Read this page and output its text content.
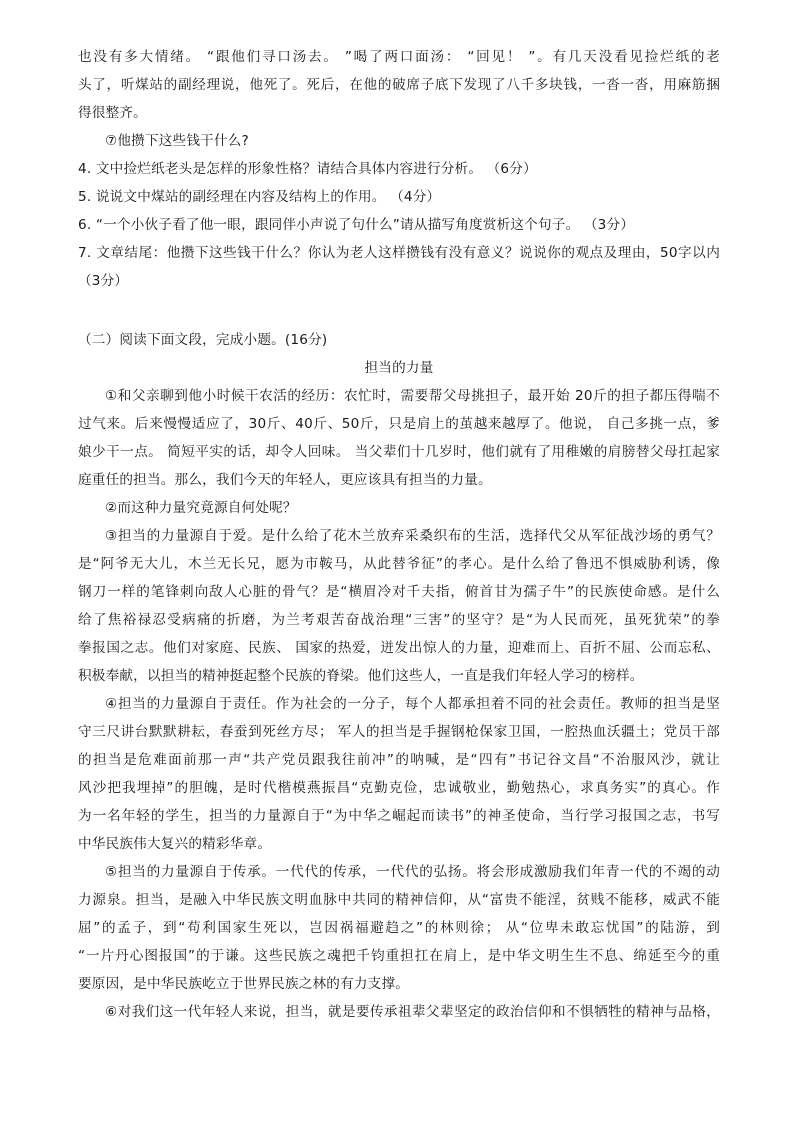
也没有多大情绪。 “跟他们寻口汤去。 ”喝了两口面汤： “回见！ ”。有几天没看见捡烂纸的老
头了，听煤站的副经理说，他死了。死后，在他的破席子底下发现了八千多块钱，一沓一沓，用麻筋捆
得很整齐。
⑦他攒下这些钱干什么?
4. 文中捡烂纸老头是怎样的形象性格？请结合具体内容进行分析。 （6分）
5. 说说文中煤站的副经理在内容及结构上的作用。 （4分）
6. “一个小伙子看了他一眼，跟同伴小声说了句什么”请从描写角度赏析这个句子。 （3分）
7. 文章结尾：他攒下这些钱干什么？你认为老人这样攒钱有没有意义？说说你的观点及理由，50字以内
（3分）
（二）阅读下面文段，完成小题。(16分)
担当的力量
①和父亲聊到他小时候干农活的经历：农忙时，需要帮父母挑担子，最开始 20斤的担子都压得喘不
过气来。后来慢慢适应了，30斤、40斤、50斤，只是肩上的茧越来越厚了。他说， 自己多挑一点，爹
娘少干一点。 简短平实的话，却令人回味。 当父辈们十几岁时，他们就有了用稚嫩的肩膀替父母扛起家
庭重任的担当。那么，我们今天的年轻人，更应该具有担当的力量。
②而这种力量究竟源自何处呢？
③担当的力量源自于爱。是什么给了花木兰放弃采桑织布的生活，选择代父从军征战沙场的勇气？
是“阿爷无大儿，木兰无长兄，愿为市鞍马，从此替爷征”的孝心。是什么给了鲁迅不惧威胁利诱，像
钢刀一样的笔锋刺向敌人心脏的骨气？是“横眉冷对千夫指，俯首甘为孺子牛”的民族使命感。是什么
给了焦裕禄忍受病痛的折磨，为兰考艰苦奋战治理“三害”的坚守？是“为人民而死，虽死犹荣”的拳
拳报国之志。他们对家庭、民族、 国家的热爱，迸发出惊人的力量，迎难而上、百折不屈、公而忘私、
积极奉献，以担当的精神挺起整个民族的脊梁。他们这些人，一直是我们年轻人学习的榜样。
④担当的力量源自于责任。作为社会的一分子，每个人都承担着不同的社会责任。教师的担当是坚
守三尺讲台默默耕耘，春蚕到死丝方尽； 军人的担当是手握钢枪保家卫国，一腔热血沃疆土；党员干部
的担当是危难面前那一声“共产党员跟我往前冲”的呐喊，是“四有”书记谷文昌“不治服风沙，就让
风沙把我埋掉”的胆魄，是时代楷模燕振昌“克勤克俭，忠诚敬业，勤勉热心，求真务实”的真心。作
为一名年轻的学生，担当的力量源自于“为中华之崛起而读书”的神圣使命，当行学习报国之志，书写
中华民族伟大复兴的精彩华章。
⑤担当的力量源自于传承。一代代的传承，一代代的弘扬。将会形成激励我们年青一代的不竭的动
力源泉。担当，是融入中华民族文明血脉中共同的精神信仰，从“富贵不能淫，贫贱不能移，威武不能
屈”的孟子，到“苟利国家生死以，岂因祸福避趋之”的林则徐； 从“位卑未敢忘忧国”的陆游，到
“一片丹心图报国”的于谦。这些民族之魂把千钧重担扛在肩上，是中华文明生生不息、绵延至今的重
要原因，是中华民族屹立于世界民族之林的有力支撑。
⑥对我们这一代年轻人来说，担当，就是要传承祖辈父辈坚定的政治信仰和不惧牺牲的精神与品格，
